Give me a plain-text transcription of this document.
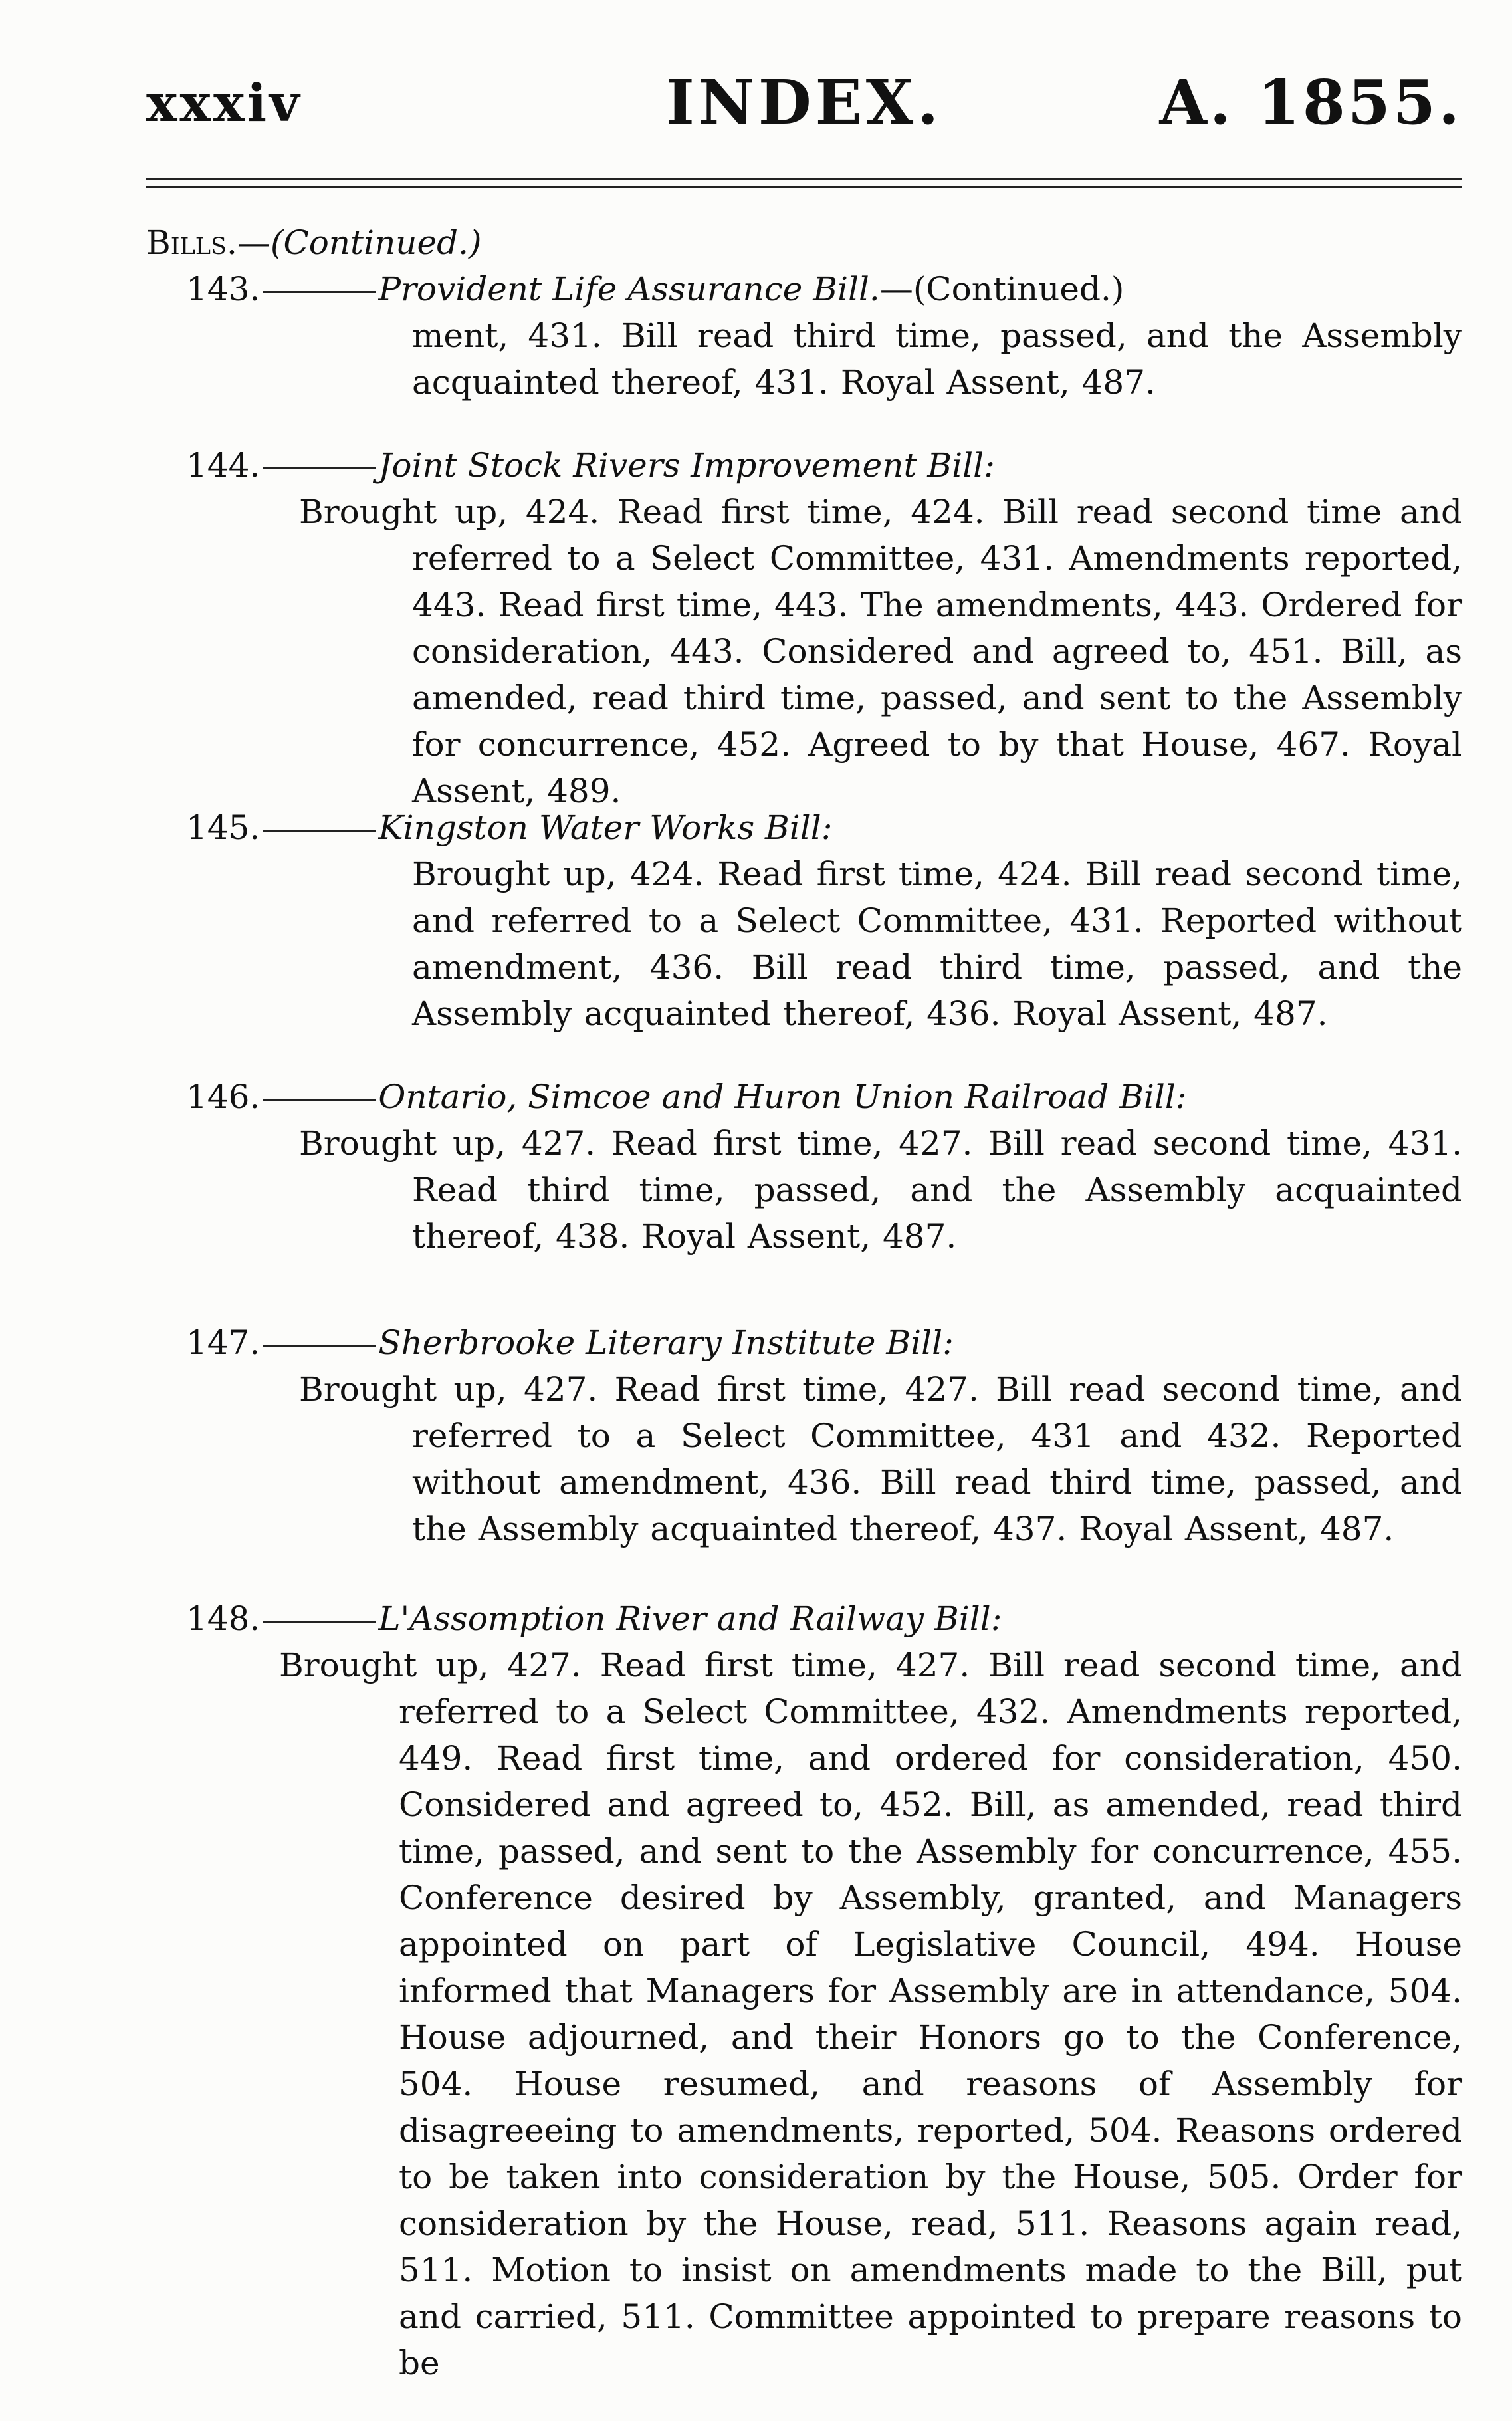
xxxiv	INDEX.	A. 1855.
Bills.—(Continued.)
143.	Provident Life Assurance Bill.—(Continued.)
ment, 431. Bill read third time, passed, and the Assembly acquainted thereof, 431. Royal Assent, 487.
144.	Joint Stock Rivers Improvement Bill:
Brought up, 424. Read first time, 424. Bill read second time and referred to a Select Committee, 431. Amendments reported, 443. Read first time, 443. The amendments, 443. Ordered for consideration, 443. Considered and agreed to, 451. Bill, as amended, read third time, passed, and sent to the Assembly for concurrence, 452. Agreed to by that House, 467. Royal Assent, 489.
145.	Kingston Water Works Bill:
Brought up, 424. Read first time, 424. Bill read second time, and referred to a Select Committee, 431. Reported without amendment, 436. Bill read third time, passed, and the Assembly acquainted thereof, 436. Royal Assent, 487.
146.	Ontario, Simcoe and Huron Union Railroad Bill:
Brought up, 427. Read first time, 427. Bill read second time, 431. Read third time, passed, and the Assembly acquainted thereof, 438. Royal Assent, 487.
147.	Sherbrooke Literary Institute Bill:
Brought up, 427. Read first time, 427. Bill read second time, and referred to a Select Committee, 431 and 432. Reported without amendment, 436. Bill read third time, passed, and the Assembly acquainted thereof, 437. Royal Assent, 487.
148.	L'Assomption River and Railway Bill:
Brought up, 427. Read first time, 427. Bill read second time, and referred to a Select Committee, 432. Amendments reported, 449. Read first time, and ordered for consideration, 450. Considered and agreed to, 452. Bill, as amended, read third time, passed, and sent to the Assembly for concurrence, 455. Conference desired by Assembly, granted, and Managers appointed on part of Legislative Council, 494. House informed that Managers for Assembly are in attendance, 504. House adjourned, and their Honors go to the Conference, 504. House resumed, and reasons of Assembly for disagreeeing to amendments, reported, 504. Reasons ordered to be taken into consideration by the House, 505. Order for consideration by the House, read, 511. Reasons again read, 511. Motion to insist on amendments made to the Bill, put and carried, 511. Committee appointed to prepare reasons to be
